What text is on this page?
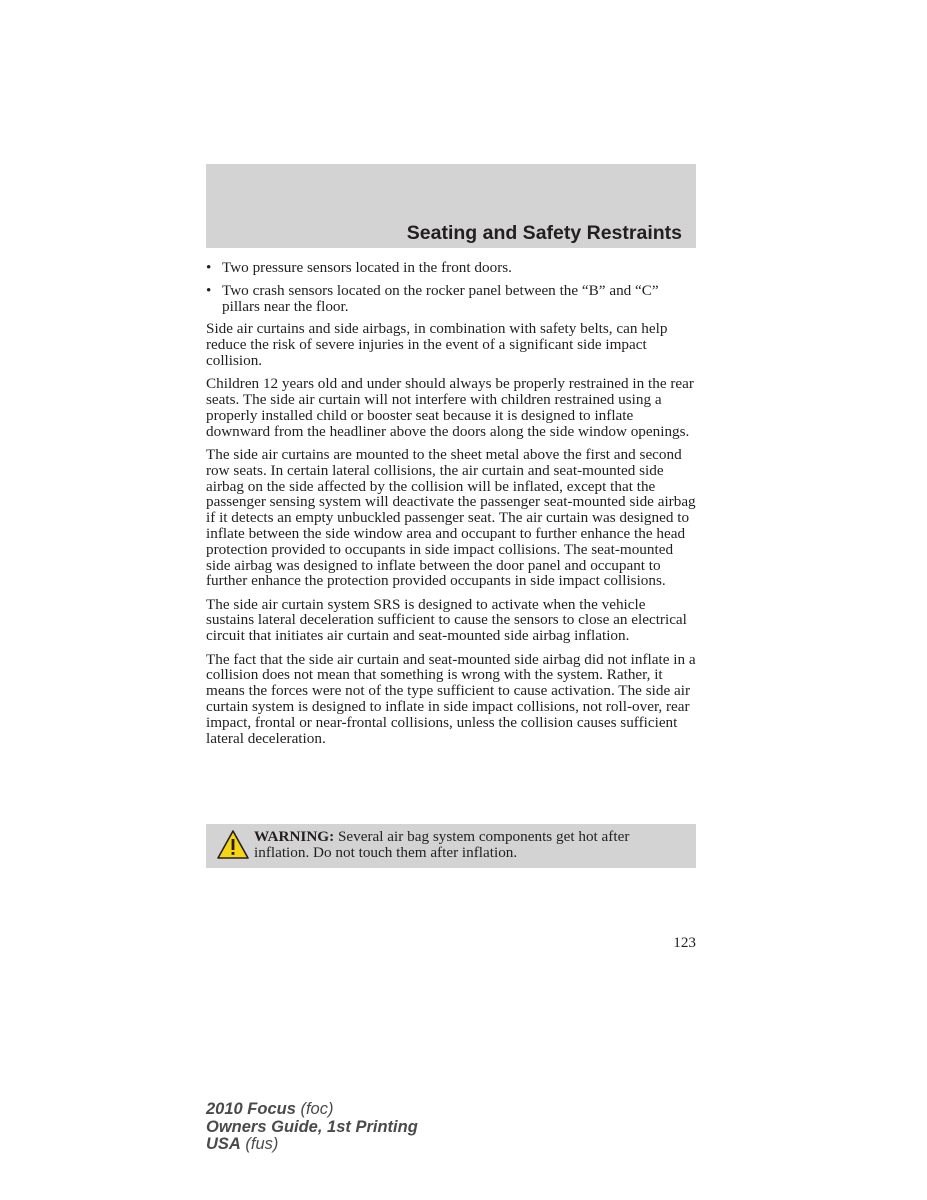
Seating and Safety Restraints
• Two pressure sensors located in the front doors.
• Two crash sensors located on the rocker panel between the “B” and “C” pillars near the floor.

Side air curtains and side airbags, in combination with safety belts, can help reduce the risk of severe injuries in the event of a significant side impact collision.

Children 12 years old and under should always be properly restrained in the rear seats. The side air curtain will not interfere with children restrained using a properly installed child or booster seat because it is designed to inflate downward from the headliner above the doors along the side window openings.

The side air curtains are mounted to the sheet metal above the first and second row seats. In certain lateral collisions, the air curtain and seat-mounted side airbag on the side affected by the collision will be inflated, except that the passenger sensing system will deactivate the passenger seat-mounted side airbag if it detects an empty unbuckled passenger seat. The air curtain was designed to inflate between the side window area and occupant to further enhance the head protection provided to occupants in side impact collisions. The seat-mounted side airbag was designed to inflate between the door panel and occupant to further enhance the protection provided occupants in side impact collisions.

The side air curtain system SRS is designed to activate when the vehicle sustains lateral deceleration sufficient to cause the sensors to close an electrical circuit that initiates air curtain and seat-mounted side airbag inflation.

The fact that the side air curtain and seat-mounted side airbag did not inflate in a collision does not mean that something is wrong with the system. Rather, it means the forces were not of the type sufficient to cause activation. The side air curtain system is designed to inflate in side impact collisions, not roll-over, rear impact, frontal or near-frontal collisions, unless the collision causes sufficient lateral deceleration.

WARNING: Several air bag system components get hot after inflation. Do not touch them after inflation.
123
2010 Focus (foc)
Owners Guide, 1st Printing
USA (fus)
